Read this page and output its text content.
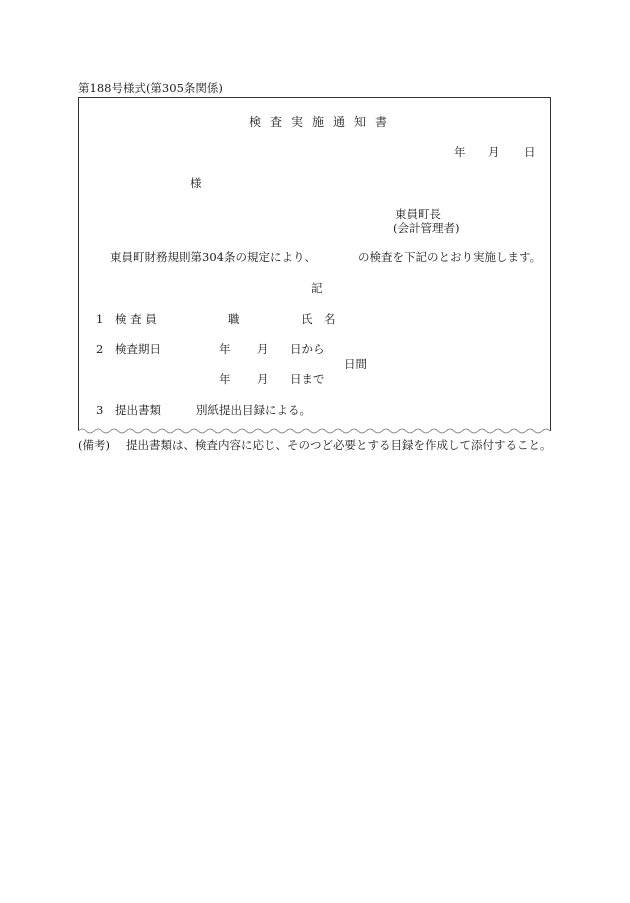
第188号様式(第305条関係)
検査実施通知書
年 月 日
様
東員町長
(会計管理者)
東員町財務規則第304条の規定により、	の検査を下記のとおり実施します。
記
1 検 査 員	職	氏　名
2 検査期日	年 月 日から
日間
年 月 日まで
3 提出書類	別紙提出目録による。
(備考) 提出書類は、検査内容に応じ、そのつど必要とする目録を作成して添付すること。
